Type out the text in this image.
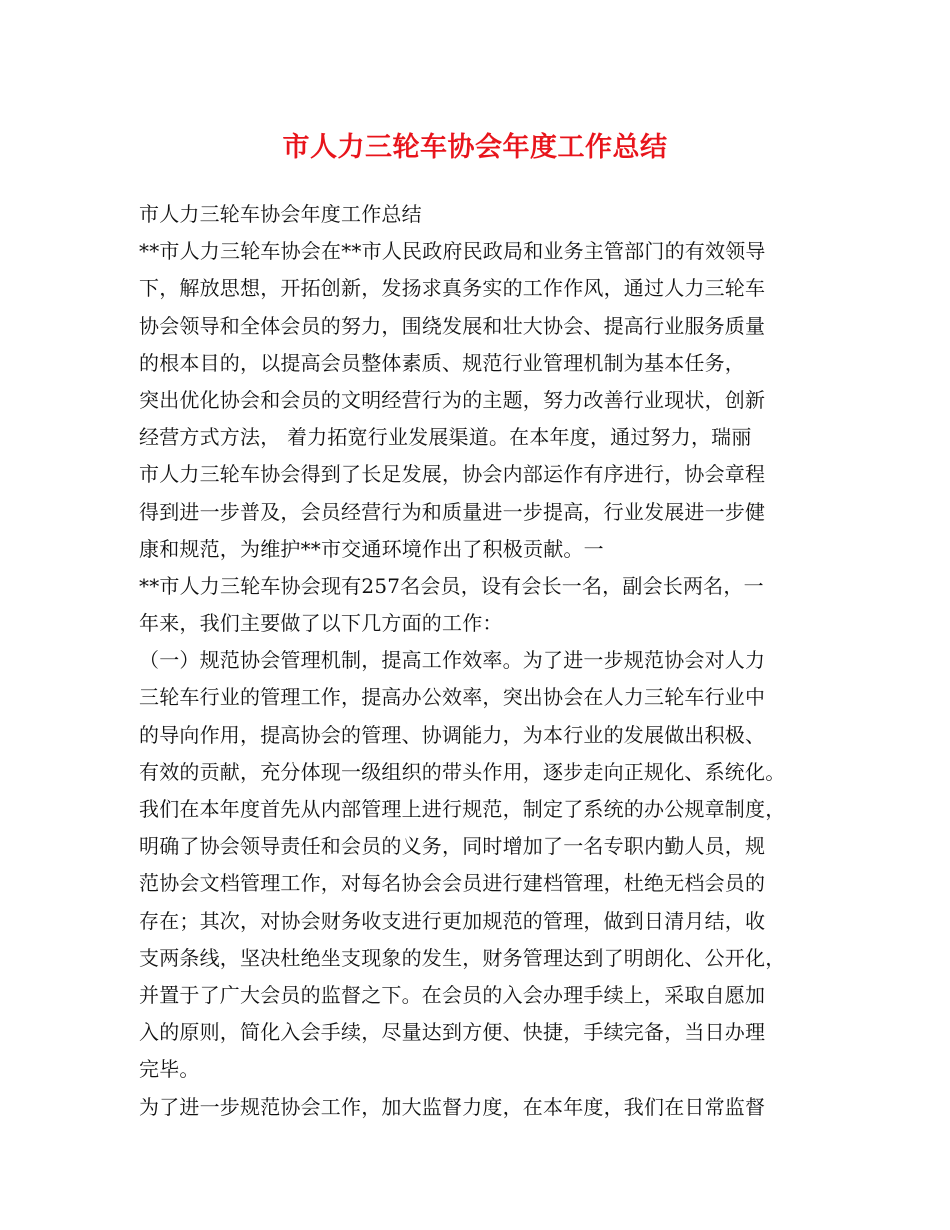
市人力三轮车协会年度工作总结
市人力三轮车协会年度工作总结
**市人力三轮车协会在**市人民政府民政局和业务主管部门的有效领导
下，解放思想，开拓创新，发扬求真务实的工作作风，通过人力三轮车
协会领导和全体会员的努力，围绕发展和壮大协会、提高行业服务质量
的根本目的，以提高会员整体素质、规范行业管理机制为基本任务，
突出优化协会和会员的文明经营行为的主题，努力改善行业现状，创新
经营方式方法， 着力拓宽行业发展渠道。在本年度，通过努力，瑞丽
市人力三轮车协会得到了长足发展，协会内部运作有序进行，协会章程
得到进一步普及，会员经营行为和质量进一步提高，行业发展进一步健
康和规范，为维护**市交通环境作出了积极贡献。一
**市人力三轮车协会现有257名会员，设有会长一名，副会长两名，一
年来，我们主要做了以下几方面的工作：
（一）规范协会管理机制，提高工作效率。为了进一步规范协会对人力
三轮车行业的管理工作，提高办公效率，突出协会在人力三轮车行业中
的导向作用，提高协会的管理、协调能力，为本行业的发展做出积极、
有效的贡献，充分体现一级组织的带头作用，逐步走向正规化、系统化。
我们在本年度首先从内部管理上进行规范，制定了系统的办公规章制度，
明确了协会领导责任和会员的义务，同时增加了一名专职内勤人员，规
范协会文档管理工作，对每名协会会员进行建档管理，杜绝无档会员的
存在；其次，对协会财务收支进行更加规范的管理，做到日清月结，收
支两条线，坚决杜绝坐支现象的发生，财务管理达到了明朗化、公开化，
并置于了广大会员的监督之下。在会员的入会办理手续上，采取自愿加
入的原则，简化入会手续，尽量达到方便、快捷，手续完备，当日办理
完毕。
为了进一步规范协会工作，加大监督力度，在本年度，我们在日常监督
